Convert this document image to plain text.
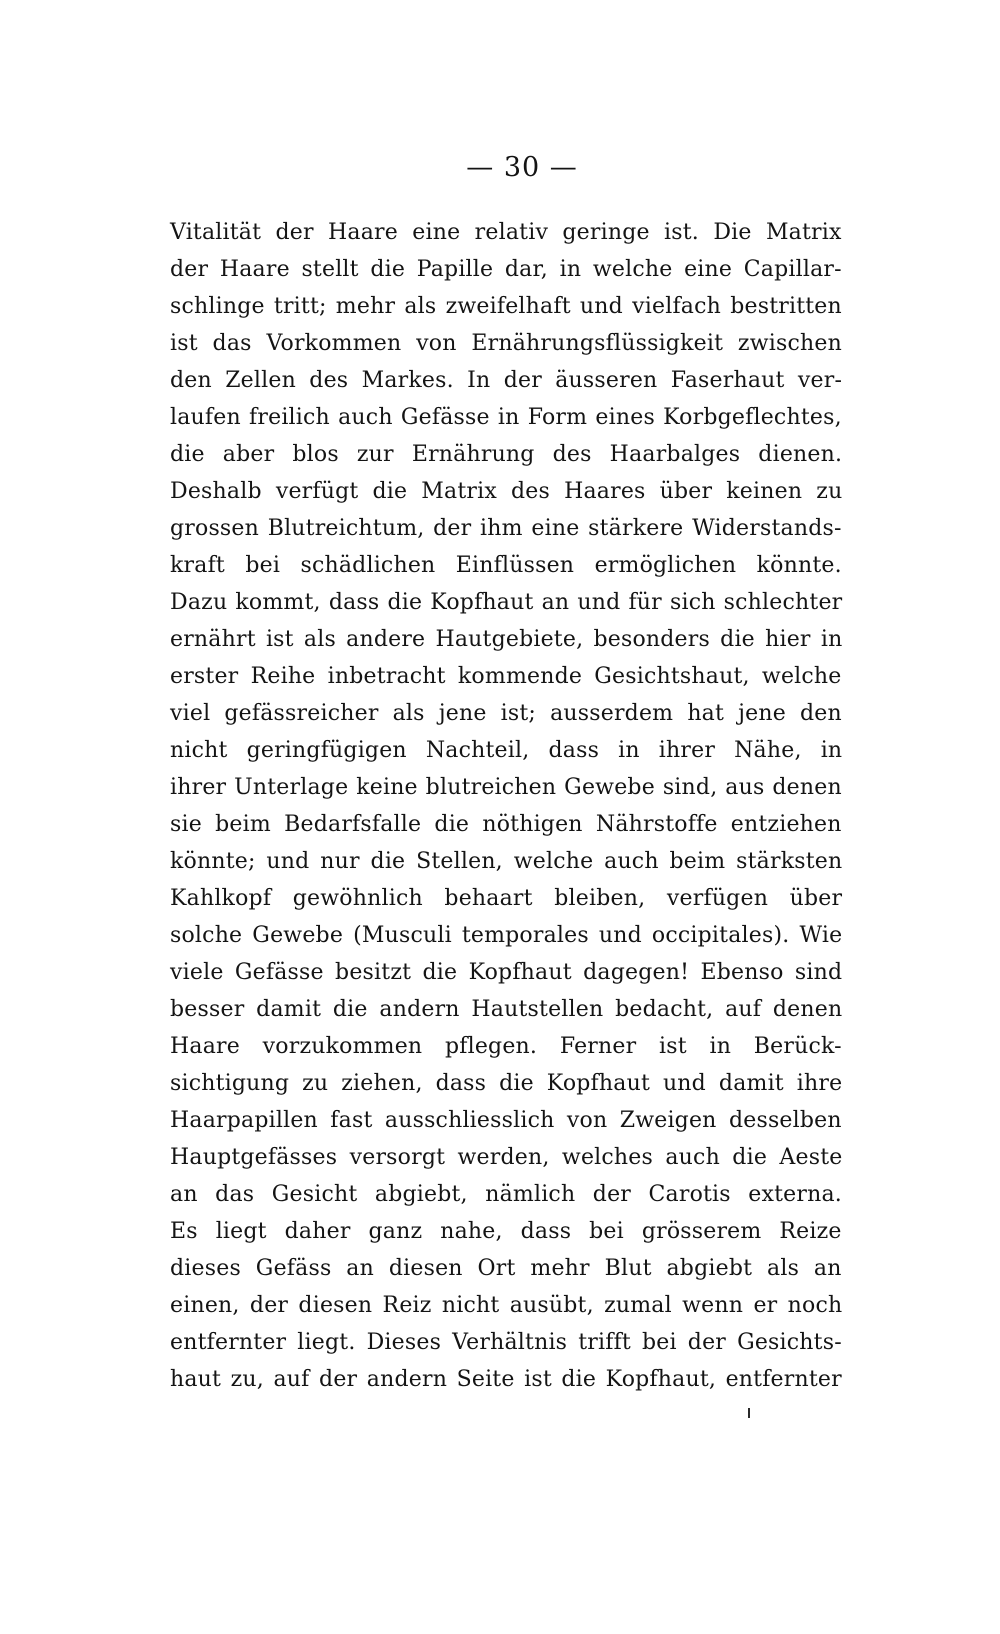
— 30 —
Vitalität der Haare eine relativ geringe ist. Die Matrix
der Haare stellt die Papille dar, in welche eine Capillar-
schlinge tritt; mehr als zweifelhaft und vielfach bestritten
ist das Vorkommen von Ernährungsflüssigkeit zwischen
den Zellen des Markes. In der äusseren Faserhaut ver-
laufen freilich auch Gefässe in Form eines Korbgeflechtes,
die aber blos zur Ernährung des Haarbalges dienen.
Deshalb verfügt die Matrix des Haares über keinen zu
grossen Blutreichtum, der ihm eine stärkere Widerstands-
kraft bei schädlichen Einflüssen ermöglichen könnte.
Dazu kommt, dass die Kopfhaut an und für sich schlechter
ernährt ist als andere Hautgebiete, besonders die hier in
erster Reihe inbetracht kommende Gesichtshaut, welche
viel gefässreicher als jene ist; ausserdem hat jene den
nicht geringfügigen Nachteil, dass in ihrer Nähe, in
ihrer Unterlage keine blutreichen Gewebe sind, aus denen
sie beim Bedarfsfalle die nöthigen Nährstoffe entziehen
könnte; und nur die Stellen, welche auch beim stärksten
Kahlkopf gewöhnlich behaart bleiben, verfügen über
solche Gewebe (Musculi temporales und occipitales). Wie
viele Gefässe besitzt die Kopfhaut dagegen! Ebenso sind
besser damit die andern Hautstellen bedacht, auf denen
Haare vorzukommen pflegen. Ferner ist in Berück-
sichtigung zu ziehen, dass die Kopfhaut und damit ihre
Haarpapillen fast ausschliesslich von Zweigen desselben
Hauptgefässes versorgt werden, welches auch die Aeste
an das Gesicht abgiebt, nämlich der Carotis externa.
Es liegt daher ganz nahe, dass bei grösserem Reize
dieses Gefäss an diesen Ort mehr Blut abgiebt als an
einen, der diesen Reiz nicht ausübt, zumal wenn er noch
entfernter liegt. Dieses Verhältnis trifft bei der Gesichts-
haut zu, auf der andern Seite ist die Kopfhaut, entfernter
